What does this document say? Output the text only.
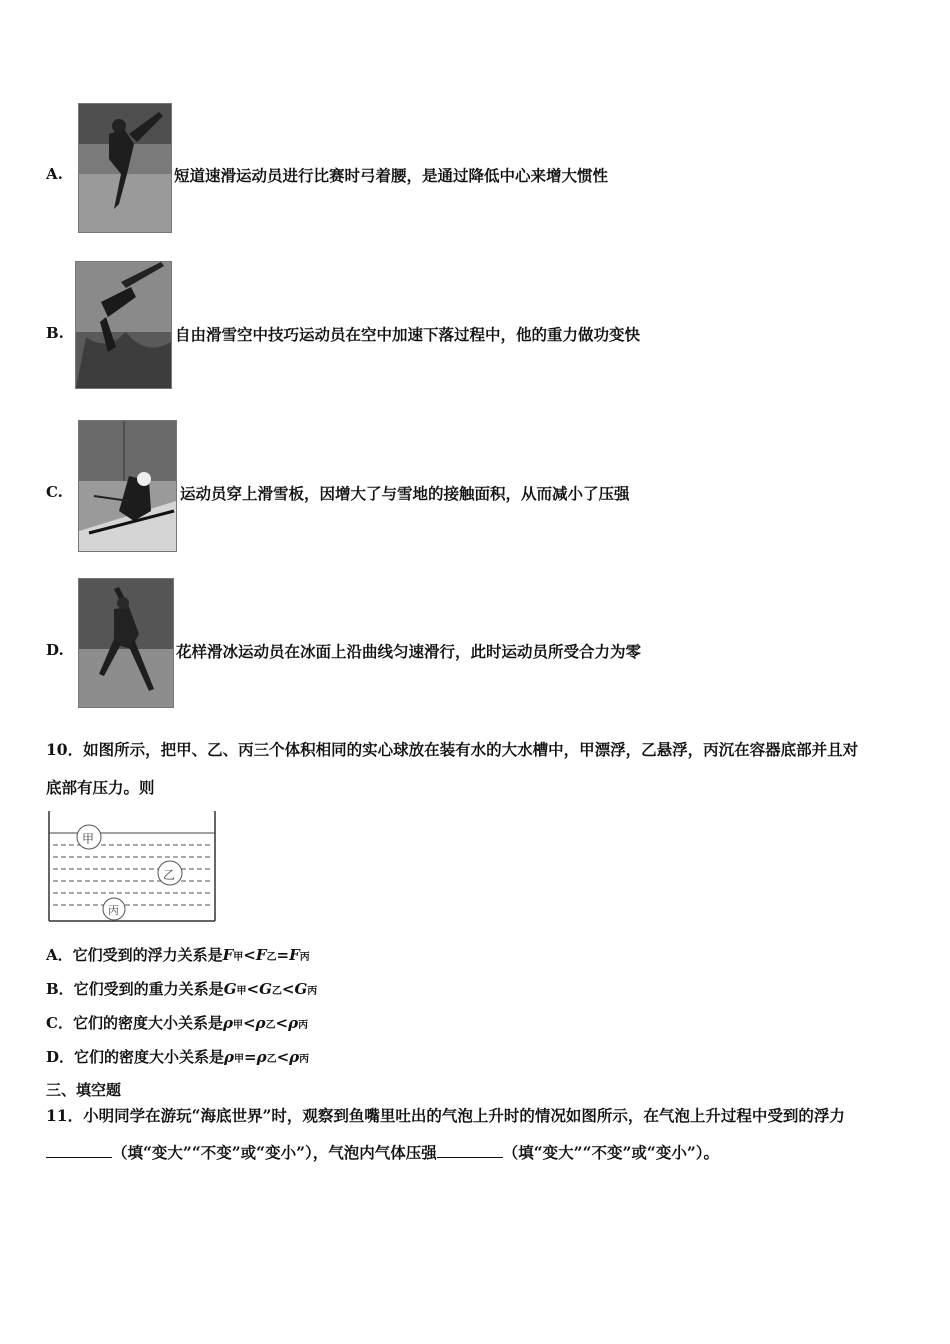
A.	短道速滑运动员进行比赛时弓着腰，是通过降低中心来增大惯性
B.	自由滑雪空中技巧运动员在空中加速下落过程中，他的重力做功变快
C.	运动员穿上滑雪板，因增大了与雪地的接触面积，从而减小了压强
D.	花样滑冰运动员在冰面上沿曲线匀速滑行，此时运动员所受合力为零
10．如图所示，把甲、乙、丙三个体积相同的实心球放在装有水的大水槽中，甲漂浮，乙悬浮，丙沉在容器底部并且对
底部有压力。则
甲
乙
丙
A．它们受到的浮力关系是F甲<F乙=F丙
B．它们受到的重力关系是G甲<G乙<G丙
C．它们的密度大小关系是ρ甲<ρ乙<ρ丙
D．它们的密度大小关系是ρ甲=ρ乙<ρ丙
三、填空题
11．小明同学在游玩“海底世界”时，观察到鱼嘴里吐出的气泡上升时的情况如图所示，在气泡上升过程中受到的浮力
（填“变大”“不变”或“变小”），气泡内气体压强	（填“变大”“不变”或“变小”）。
